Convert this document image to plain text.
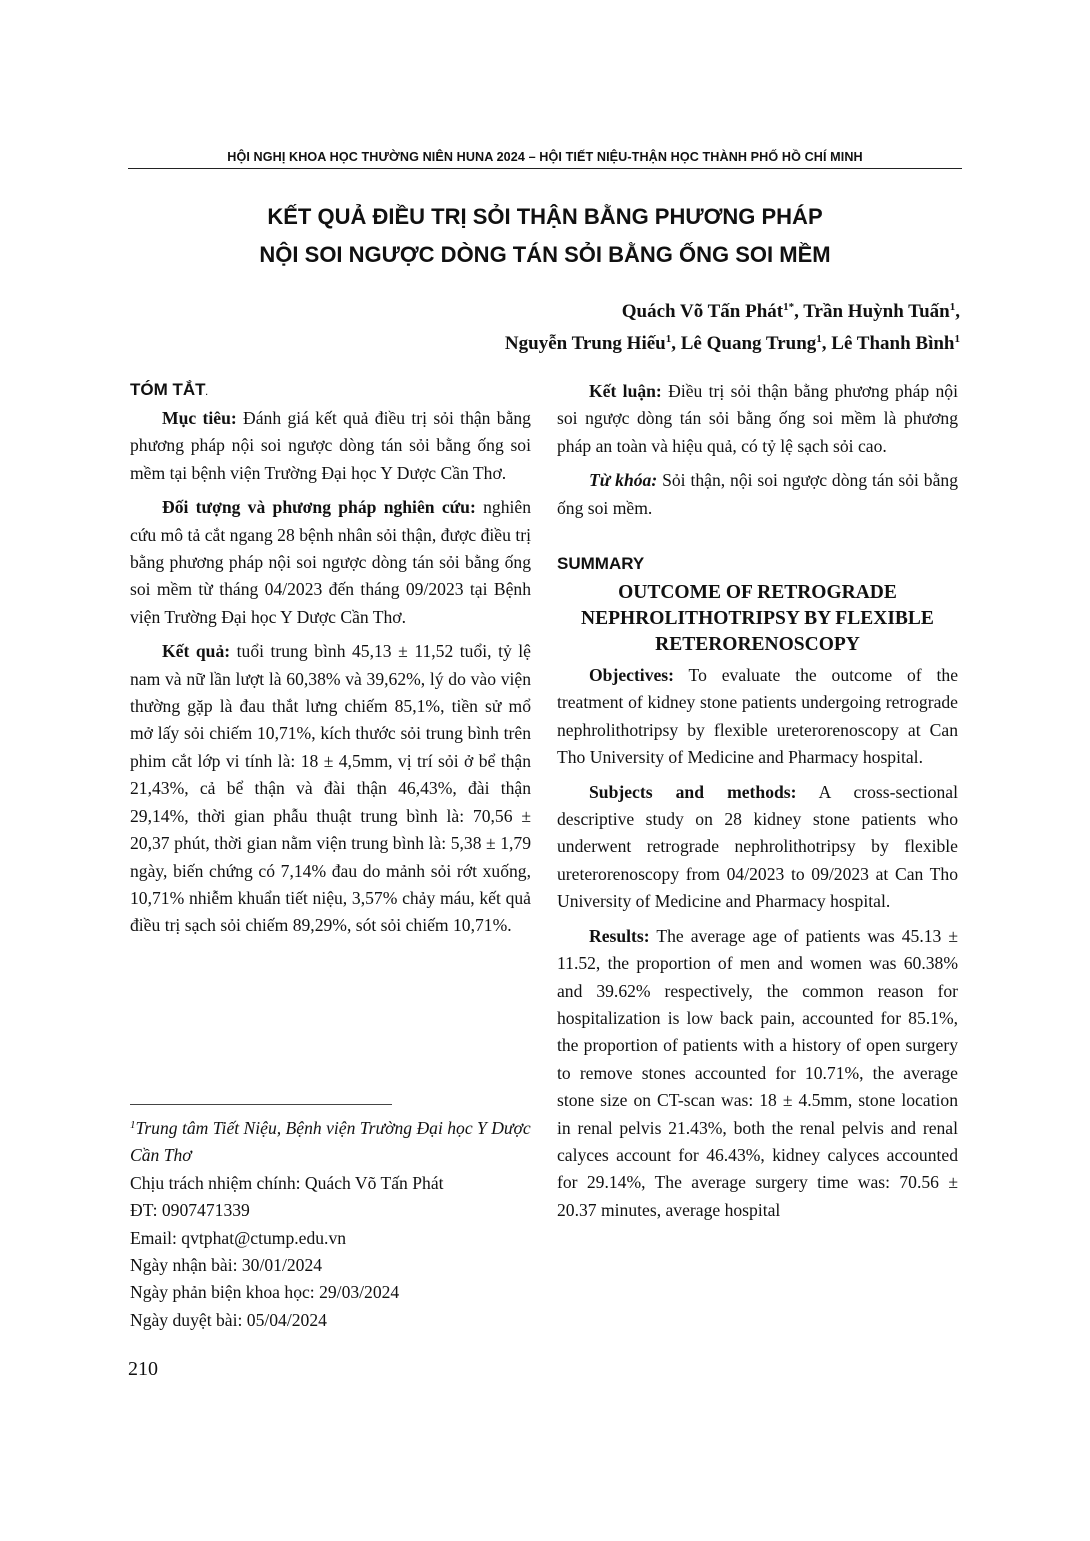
HỘI NGHỊ KHOA HỌC THƯỜNG NIÊN HUNA 2024 – HỘI TIẾT NIỆU-THẬN HỌC THÀNH PHỐ HỒ CHÍ MINH
KẾT QUẢ ĐIỀU TRỊ SỎI THẬN BẰNG PHƯƠNG PHÁP
NỘI SOI NGƯỢC DÒNG TÁN SỎI BẰNG ỐNG SOI MỀM
Quách Võ Tấn Phát$^{1*}$, Trần Huỳnh Tuấn$^1$,
Nguyễn Trung Hiếu$^1$, Lê Quang Trung$^1$, Lê Thanh Bình$^1$
TÓM TẮT.

Mục tiêu: Đánh giá kết quả điều trị sỏi thận bằng phương pháp nội soi ngược dòng tán sỏi bằng ống soi mềm tại bệnh viện Trường Đại học Y Dược Cần Thơ.

Đối tượng và phương pháp nghiên cứu: nghiên cứu mô tả cắt ngang 28 bệnh nhân sỏi thận, được điều trị bằng phương pháp nội soi ngược dòng tán sỏi bằng ống soi mềm từ tháng 04/2023 đến tháng 09/2023 tại Bệnh viện Trường Đại học Y Dược Cần Thơ.

Kết quả: tuổi trung bình 45,13 ± 11,52 tuổi, tỷ lệ nam và nữ lần lượt là 60,38% và 39,62%, lý do vào viện thường gặp là đau thắt lưng chiếm 85,1%, tiền sử mổ mở lấy sỏi chiếm 10,71%, kích thước sỏi trung bình trên phim cắt lớp vi tính là: 18 ± 4,5mm, vị trí sỏi ở bể thận 21,43%, cả bể thận và đài thận 46,43%, đài thận 29,14%, thời gian phẫu thuật trung bình là: 70,56 ± 20,37 phút, thời gian nằm viện trung bình là: 5,38 ± 1,79 ngày, biến chứng có 7,14% đau do mảnh sỏi rớt xuống, 10,71% nhiễm khuẩn tiết niệu, 3,57% chảy máu, kết quả điều trị sạch sỏi chiếm 89,29%, sót sỏi chiếm 10,71%.

$^1$Trung tâm Tiết Niệu, Bệnh viện Trường Đại học Y Dược Cần Thơ
Chịu trách nhiệm chính: Quách Võ Tấn Phát
ĐT: 0907471339
Email: qvtphat@ctump.edu.vn
Ngày nhận bài: 30/01/2024
Ngày phản biện khoa học: 29/03/2024
Ngày duyệt bài: 05/04/2024

Kết luận: Điều trị sỏi thận bằng phương pháp nội soi ngược dòng tán sỏi bằng ống soi mềm là phương pháp an toàn và hiệu quả, có tỷ lệ sạch sỏi cao.

Từ khóa: Sỏi thận, nội soi ngược dòng tán sỏi bằng ống soi mềm.

SUMMARY
OUTCOME OF RETROGRADE
NEPHROLITHOTRIPSY BY FLEXIBLE
RETERORENOSCOPY

Objectives: To evaluate the outcome of the treatment of kidney stone patients undergoing retrograde nephrolithotripsy by flexible ureterorenoscopy at Can Tho University of Medicine and Pharmacy hospital.

Subjects and methods: A cross-sectional descriptive study on 28 kidney stone patients who underwent retrograde nephrolithotripsy by flexible ureterorenoscopy from 04/2023 to 09/2023 at Can Tho University of Medicine and Pharmacy hospital.

Results: The average age of patients was 45.13 ± 11.52, the proportion of men and women was 60.38% and 39.62% respectively, the common reason for hospitalization is low back pain, accounted for 85.1%, the proportion of patients with a history of open surgery to remove stones accounted for 10.71%, the average stone size on CT-scan was: 18 ± 4.5mm, stone location in renal pelvis 21.43%, both the renal pelvis and renal calyces account for 46.43%, kidney calyces accounted for 29.14%, The average surgery time was: 70.56 ± 20.37 minutes, average hospital

210
